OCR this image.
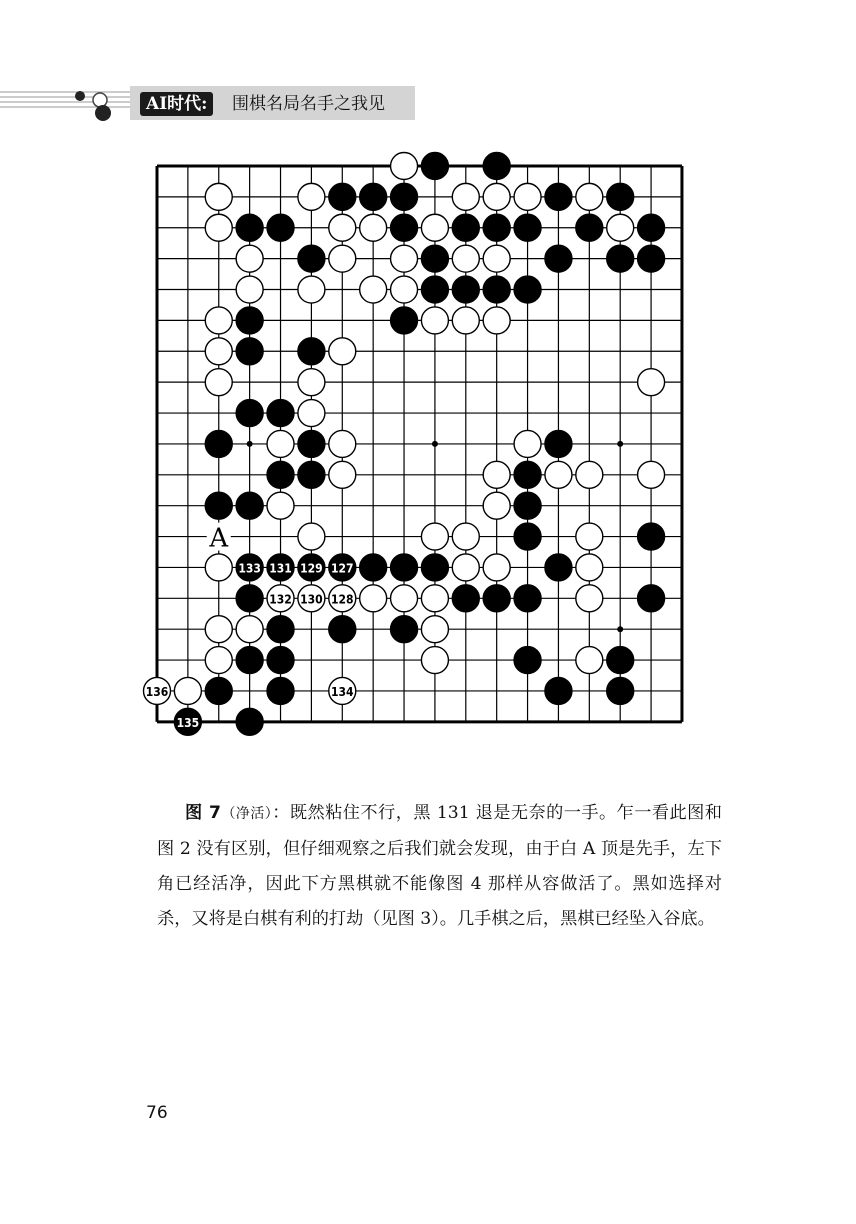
AI时代:	围棋名局名手之我见
133 131 129 127
135
132 130 128
134
136
A

图 7（净活）：既然粘住不行，黑 131 退是无奈的一手。乍一看此图和图 2 没有区别，但仔细观察之后我们就会发现，由于白 A 顶是先手，左下角已经活净，因此下方黑棋就不能像图 4 那样从容做活了。黑如选择对杀，又将是白棋有利的打劫（见图 3）。几手棋之后，黑棋已经坠入谷底。

76
